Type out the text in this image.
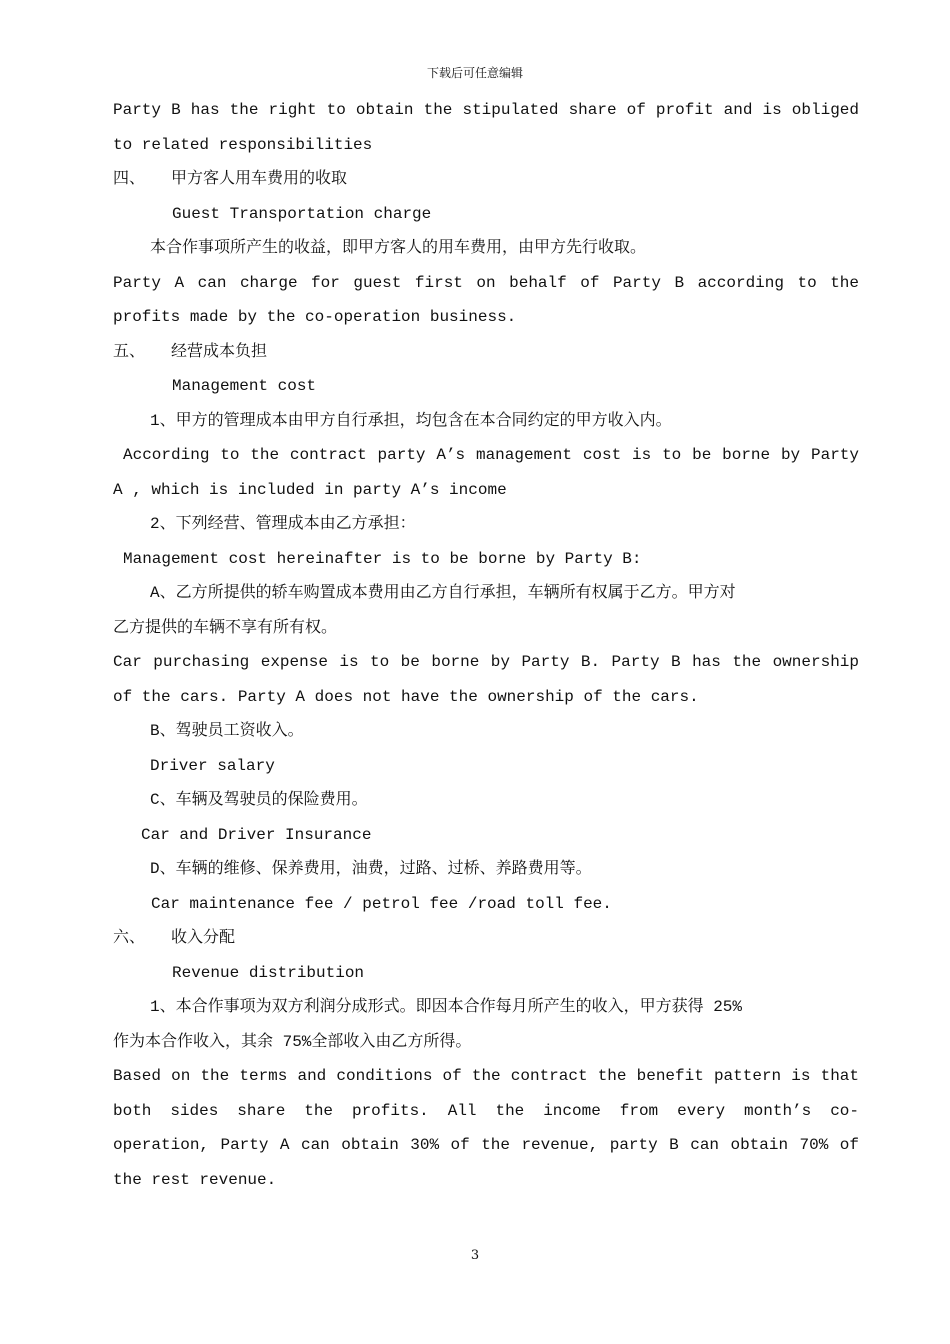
下载后可任意编辑
Party B has the right to obtain the stipulated share of profit and is obliged
to related responsibilities
四、 甲方客人用车费用的收取
Guest Transportation charge
本合作事项所产生的收益，即甲方客人的用车费用，由甲方先行收取。
Party A can charge for guest first on behalf of Party B according to the
profits made by the co-operation business.
五、 经营成本负担
Management cost
1、甲方的管理成本由甲方自行承担，均包含在本合同约定的甲方收入内。
According to the contract party A’s management cost is to be borne by Party
A , which is included in party A’s income
2、下列经营、管理成本由乙方承担：
Management cost hereinafter is to be borne by Party B:
A、乙方所提供的轿车购置成本费用由乙方自行承担，车辆所有权属于乙方。甲方对
乙方提供的车辆不享有所有权。
Car purchasing expense is to be borne by Party B. Party B has the ownership
of the cars. Party A does not have the ownership of the cars.
B、驾驶员工资收入。
Driver salary
C、车辆及驾驶员的保险费用。
Car and Driver Insurance
D、车辆的维修、保养费用，油费，过路、过桥、养路费用等。
Car maintenance fee / petrol fee /road toll fee.
六、 收入分配
Revenue distribution
1、本合作事项为双方利润分成形式。即因本合作每月所产生的收入，甲方获得 25%
作为本合作收入，其余 75%全部收入由乙方所得。
Based on the terms and conditions of the contract the benefit pattern is that
both sides share the profits. All the income from every month’s co-
operation, Party A can obtain 30% of the revenue, party B can obtain 70% of
the rest revenue.
3
